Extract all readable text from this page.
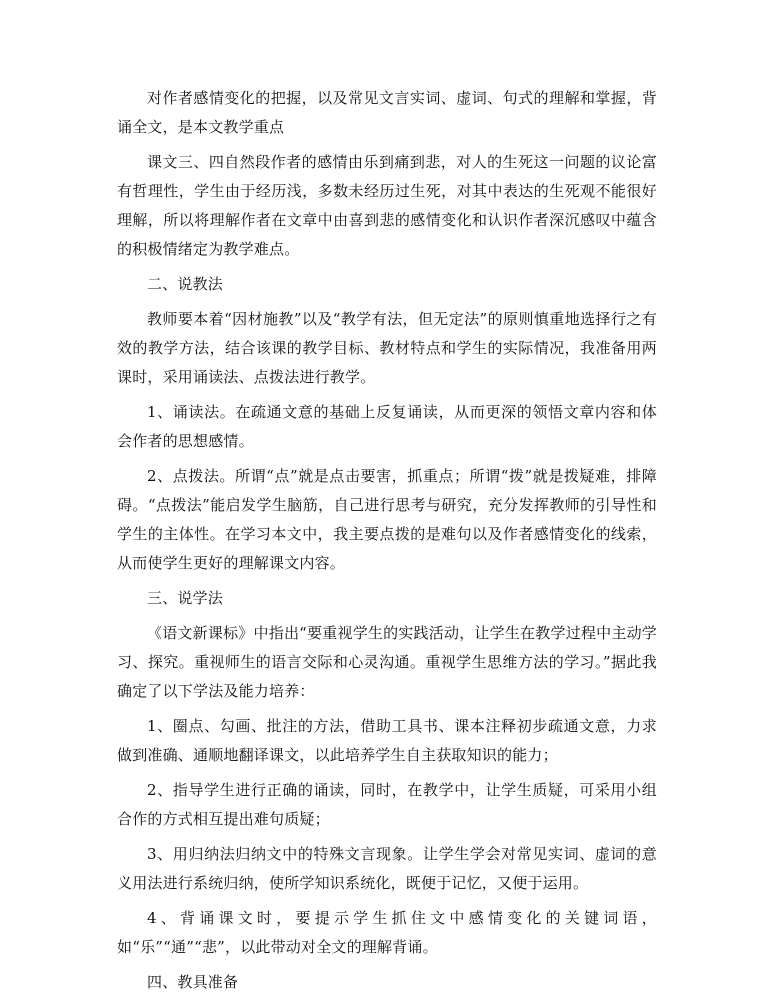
对作者感情变化的把握，以及常见文言实词、虚词、句式的理解和掌握，背诵全文，是本文教学重点

课文三、四自然段作者的感情由乐到痛到悲，对人的生死这一问题的议论富有哲理性，学生由于经历浅，多数未经历过生死，对其中表达的生死观不能很好理解，所以将理解作者在文章中由喜到悲的感情变化和认识作者深沉感叹中蕴含的积极情绪定为教学难点。

二、说教法

教师要本着“因材施教”以及“教学有法，但无定法”的原则慎重地选择行之有效的教学方法，结合该课的教学目标、教材特点和学生的实际情况，我准备用两课时，采用诵读法、点拨法进行教学。

1、诵读法。在疏通文意的基础上反复诵读，从而更深的领悟文章内容和体会作者的思想感情。

2、点拨法。所谓“点”就是点击要害，抓重点；所谓“拨”就是拨疑难，排障碍。“点拨法”能启发学生脑筋，自己进行思考与研究，充分发挥教师的引导性和学生的主体性。在学习本文中，我主要点拨的是难句以及作者感情变化的线索，从而使学生更好的理解课文内容。

三、说学法

《语文新课标》中指出“要重视学生的实践活动，让学生在教学过程中主动学习、探究。重视师生的语言交际和心灵沟通。重视学生思维方法的学习。”据此我确定了以下学法及能力培养：

1、圈点、勾画、批注的方法，借助工具书、课本注释初步疏通文意，力求做到准确、通顺地翻译课文，以此培养学生自主获取知识的能力；

2、指导学生进行正确的诵读，同时，在教学中，让学生质疑，可采用小组合作的方式相互提出难句质疑；

3、用归纳法归纳文中的特殊文言现象。让学生学会对常见实词、虚词的意义用法进行系统归纳，使所学知识系统化，既便于记忆，又便于运用。

4、背诵课文时，要提示学生抓住文中感情变化的关键词语，如“乐”“通”“悲”，以此带动对全文的理解背诵。

四、教具准备
